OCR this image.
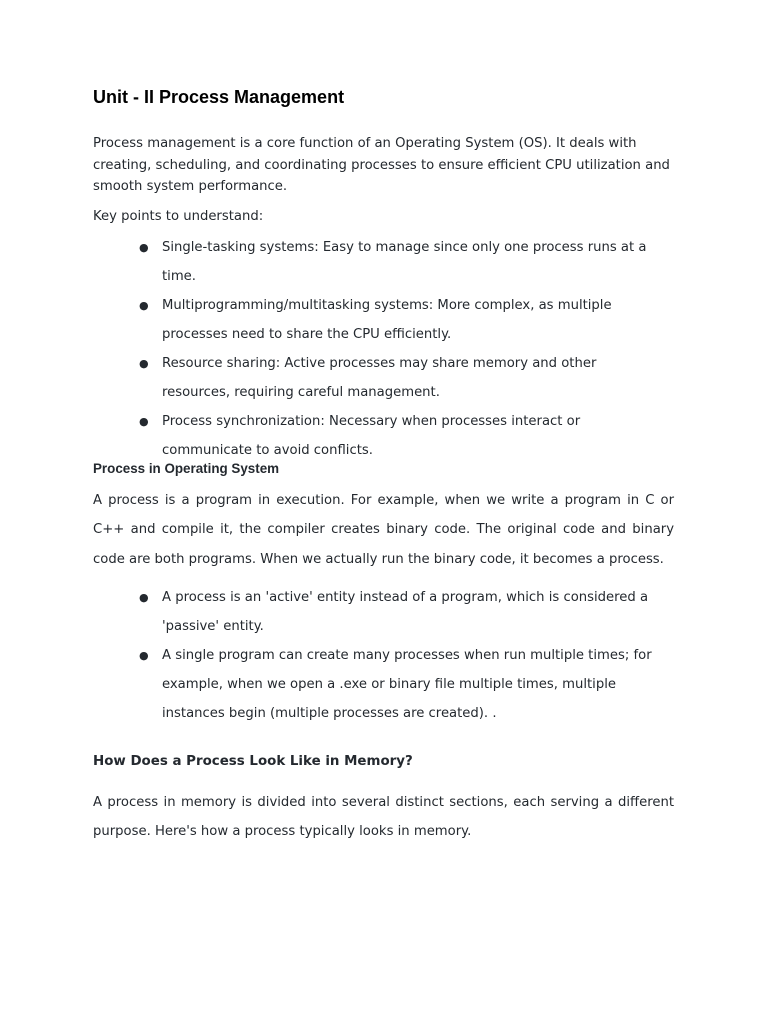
Unit - II Process Management

Process management is a core function of an Operating System (OS). It deals with creating, scheduling, and coordinating processes to ensure efficient CPU utilization and smooth system performance.

Key points to understand:

● Single-tasking systems: Easy to manage since only one process runs at a time.
● Multiprogramming/multitasking systems: More complex, as multiple processes need to share the CPU efficiently.
● Resource sharing: Active processes may share memory and other resources, requiring careful management.
● Process synchronization: Necessary when processes interact or communicate to avoid conflicts.
Process in Operating System

A process is a program in execution. For example, when we write a program in C or C++ and compile it, the compiler creates binary code. The original code and binary code are both programs. When we actually run the binary code, it becomes a process.

● A process is an 'active' entity instead of a program, which is considered a 'passive' entity.
● A single program can create many processes when run multiple times; for example, when we open a .exe or binary file multiple times, multiple instances begin (multiple processes are created). .
How Does a Process Look Like in Memory?

A process in memory is divided into several distinct sections, each serving a different purpose. Here's how a process typically looks in memory.
